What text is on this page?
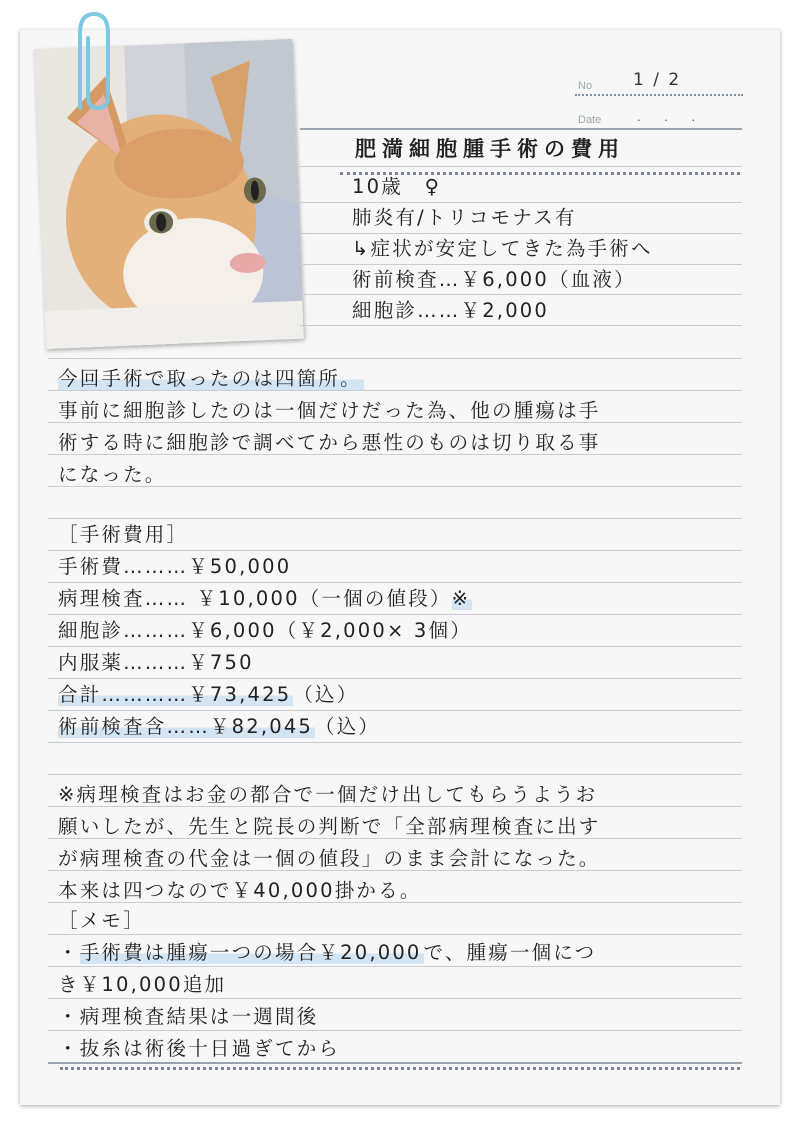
No 1 / 2
Date	. . .
肥満細胞腫手術の費用
10歳　♀
肺炎有/トリコモナス有
↳症状が安定してきた為手術へ
術前検査…￥6,000（血液）
細胞診……￥2,000
今回手術で取ったのは四箇所。
事前に細胞診したのは一個だけだった為、他の腫瘍は手
術する時に細胞診で調べてから悪性のものは切り取る事
になった。
［手術費用］
手術費………￥50,000
病理検査…… ￥10,000（一個の値段）※
細胞診………￥6,000（￥2,000× 3個）
内服薬………￥750
合計…………￥73,425 （込）
術前検査含……￥82,045 （込）
※病理検査はお金の都合で一個だけ出してもらうようお
願いしたが、先生と院長の判断で「全部病理検査に出す
が病理検査の代金は一個の値段」のまま会計になった。
本来は四つなので￥40,000掛かる。
［メモ］
・手術費は腫瘍一つの場合￥20,000 で、腫瘍一個につ
き￥10,000追加
・病理検査結果は一週間後
・抜糸は術後十日過ぎてから
